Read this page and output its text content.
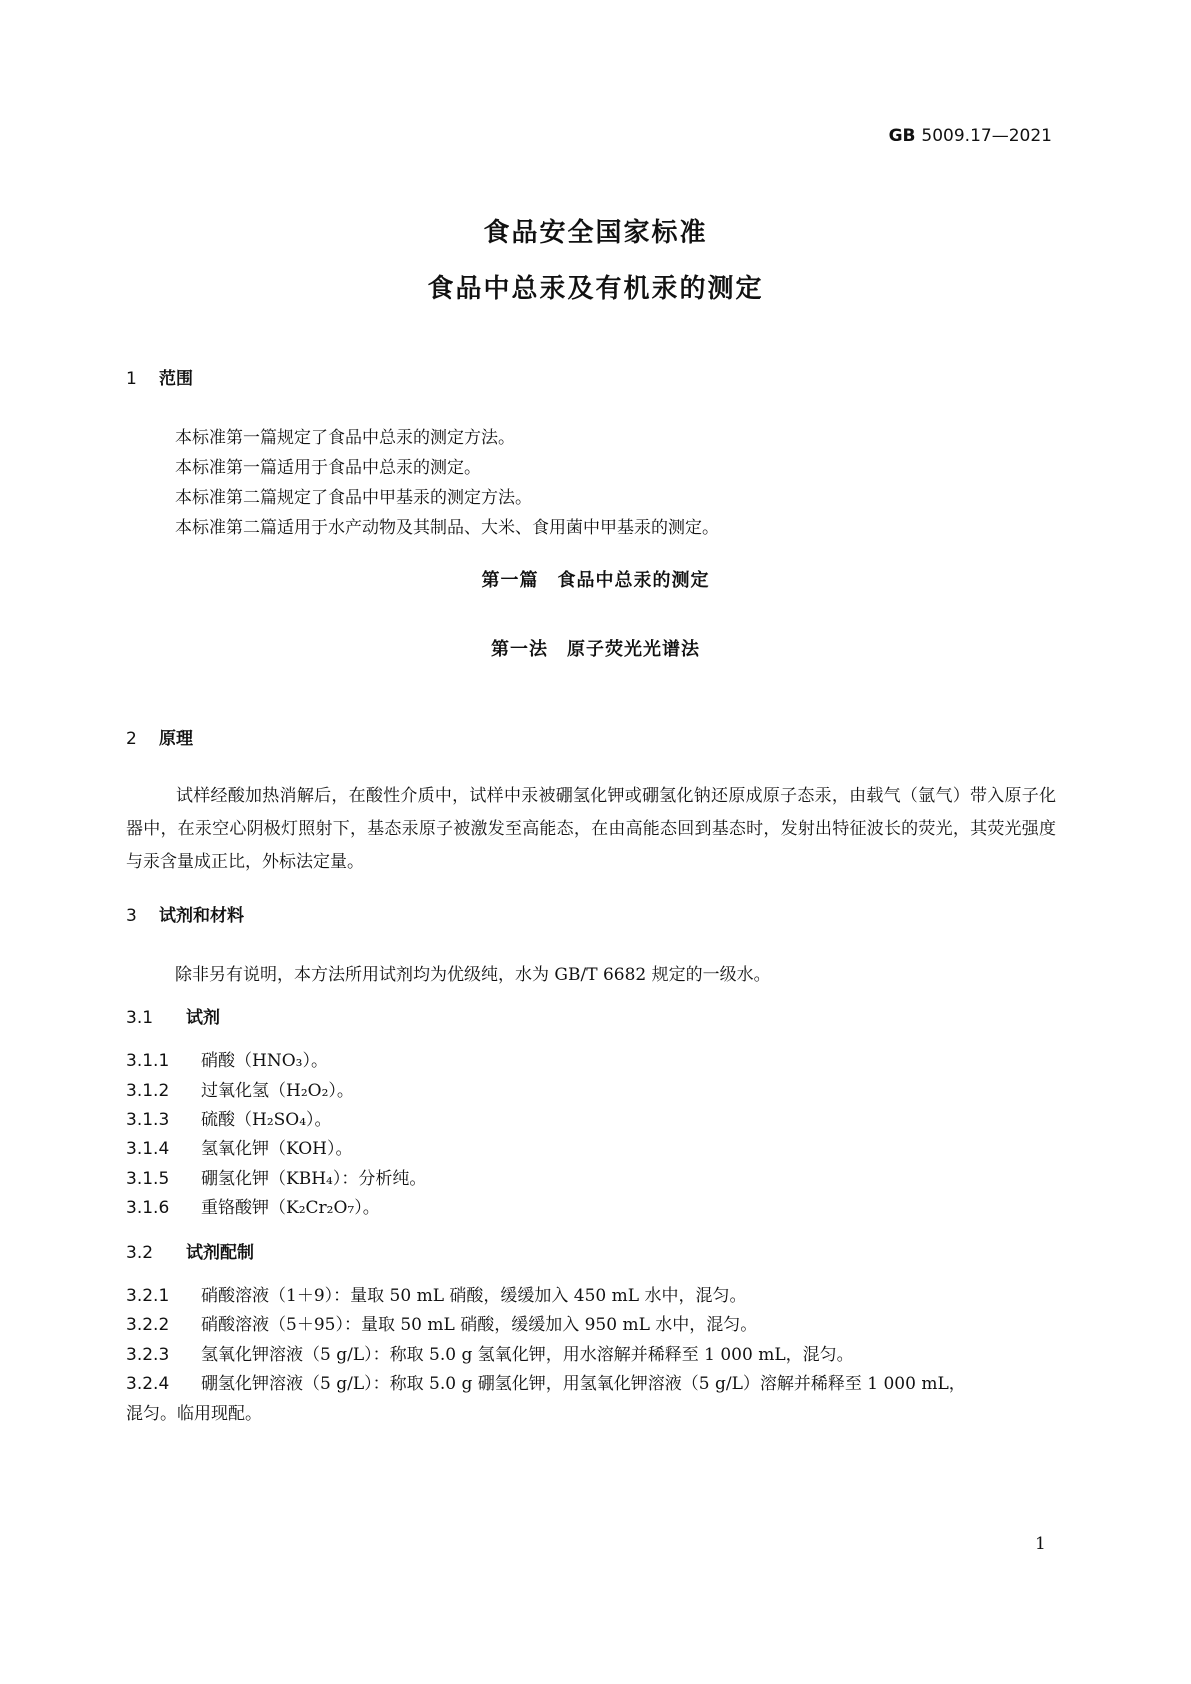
GB 5009.17—2021
食品安全国家标准
食品中总汞及有机汞的测定
1 范围
本标准第一篇规定了食品中总汞的测定方法。
本标准第一篇适用于食品中总汞的测定。
本标准第二篇规定了食品中甲基汞的测定方法。
本标准第二篇适用于水产动物及其制品、大米、食用菌中甲基汞的测定。
第一篇　食品中总汞的测定
第一法　原子荧光光谱法
2 原理
试样经酸加热消解后，在酸性介质中，试样中汞被硼氢化钾或硼氢化钠还原成原子态汞，由载气（氩气）带入原子化器中，在汞空心阴极灯照射下，基态汞原子被激发至高能态，在由高能态回到基态时，发射出特征波长的荧光，其荧光强度与汞含量成正比，外标法定量。
3 试剂和材料
除非另有说明，本方法所用试剂均为优级纯，水为 GB/T 6682 规定的一级水。
3.1 试剂
3.1.1 硝酸（HNO₃）。
3.1.2 过氧化氢（H₂O₂）。
3.1.3 硫酸（H₂SO₄）。
3.1.4 氢氧化钾（KOH）。
3.1.5 硼氢化钾（KBH₄）：分析纯。
3.1.6 重铬酸钾（K₂Cr₂O₇）。
3.2 试剂配制
3.2.1 硝酸溶液（1＋9）：量取 50 mL 硝酸，缓缓加入 450 mL 水中，混匀。
3.2.2 硝酸溶液（5＋95）：量取 50 mL 硝酸，缓缓加入 950 mL 水中，混匀。
3.2.3 氢氧化钾溶液（5 g/L）：称取 5.0 g 氢氧化钾，用水溶解并稀释至 1 000 mL，混匀。
3.2.4 硼氢化钾溶液（5 g/L）：称取 5.0 g 硼氢化钾，用氢氧化钾溶液（5 g/L）溶解并稀释至 1 000 mL，
混匀。临用现配。
1
